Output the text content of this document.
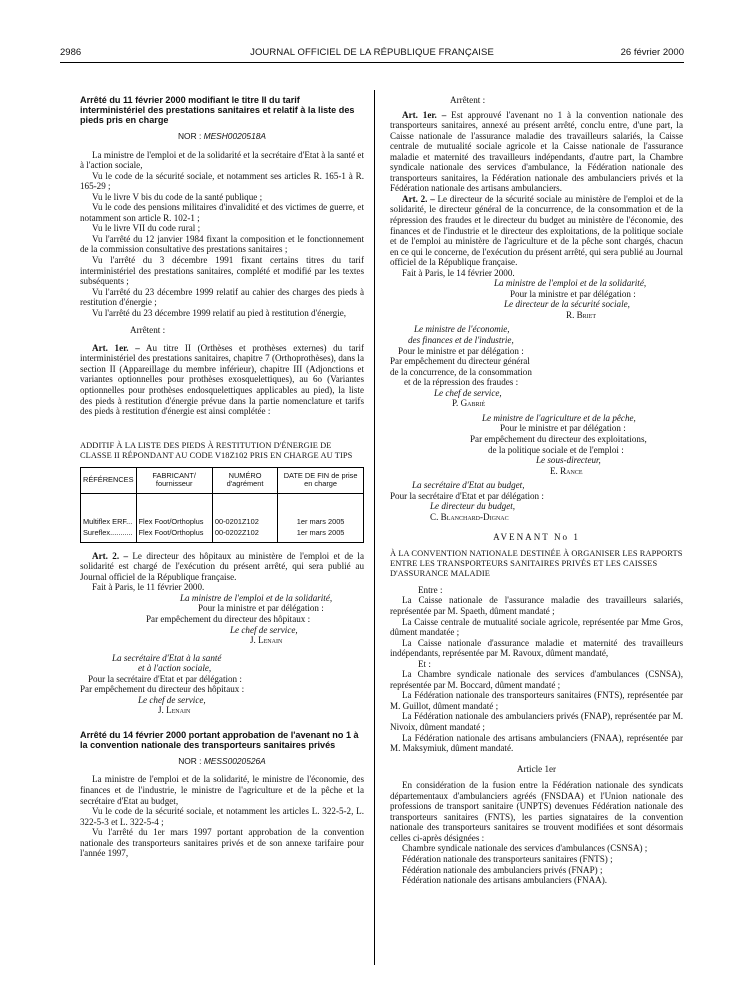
2986	JOURNAL OFFICIEL DE LA RÉPUBLIQUE FRANÇAISE	26 février 2000

Arrêté du 11 février 2000 modifiant le titre II du tarif interministériel des prestations sanitaires et relatif à la liste des pieds pris en charge

NOR : MESH0020518A

La ministre de l'emploi et de la solidarité et la secrétaire d'Etat à la santé et à l'action sociale,

Vu le code de la sécurité sociale, et notamment ses articles R. 165-1 à R. 165-29 ;

Vu le livre V bis du code de la santé publique ;

Vu le code des pensions militaires d'invalidité et des victimes de guerre, et notamment son article R. 102-1 ;

Vu le livre VII du code rural ;

Vu l'arrêté du 12 janvier 1984 fixant la composition et le fonctionnement de la commission consultative des prestations sanitaires ;

Vu l'arrêté du 3 décembre 1991 fixant certains titres du tarif interministériel des prestations sanitaires, complété et modifié par les textes subséquents ;

Vu l'arrêté du 23 décembre 1999 relatif au cahier des charges des pieds à restitution d'énergie ;

Vu l'arrêté du 23 décembre 1999 relatif au pied à restitution d'énergie,

Arrêtent :

Art. 1er. – Au titre II (Orthèses et prothèses externes) du tarif interministériel des prestations sanitaires, chapitre 7 (Orthoprothèses), dans la section II (Appareillage du membre inférieur), chapitre III (Adjonctions et variantes optionnelles pour prothèses exosquelettiques), au 6o (Variantes optionnelles pour prothèses endosquelettiques applicables au pied), la liste des pieds à restitution d'énergie prévue dans la partie nomenclature et tarifs des pieds à restitution d'énergie est ainsi complétée :

ADDITIF À LA LISTE DES PIEDS À RESTITUTION D'ÉNERGIE DE CLASSE II RÉPONDANT AU CODE V18Z102 PRIS EN CHARGE AU TIPS

RÉFÉRENCES	FABRICANT/ fournisseur	NUMÉRO d'agrément	DATE DE FIN de prise en charge

Multiflex ERF...	Flex Foot/Orthoplus	00-0201Z102	1er mars 2005
Sureflex...........	Flex Foot/Orthoplus	00-0202Z102	1er mars 2005

Art. 2. – Le directeur des hôpitaux au ministère de l'emploi et de la solidarité est chargé de l'exécution du présent arrêté, qui sera publié au Journal officiel de la République française.

Fait à Paris, le 11 février 2000.

La ministre de l'emploi et de la solidarité,

Pour la ministre et par délégation :

Par empêchement du directeur des hôpitaux :

Le chef de service,

J. Lenain

La secrétaire d'Etat à la santé

et à l'action sociale,

Pour la secrétaire d'Etat et par délégation :

Par empêchement du directeur des hôpitaux :

Le chef de service,

J. Lenain

Arrêté du 14 février 2000 portant approbation de l'avenant no 1 à la convention nationale des transporteurs sanitaires privés

NOR : MESS0020526A

La ministre de l'emploi et de la solidarité, le ministre de l'économie, des finances et de l'industrie, le ministre de l'agriculture et de la pêche et la secrétaire d'Etat au budget,

Vu le code de la sécurité sociale, et notamment les articles L. 322-5-2, L. 322-5-3 et L. 322-5-4 ;

Vu l'arrêté du 1er mars 1997 portant approbation de la convention nationale des transporteurs sanitaires privés et de son annexe tarifaire pour l'année 1997,

Arrêtent :

Art. 1er. – Est approuvé l'avenant no 1 à la convention nationale des transporteurs sanitaires, annexé au présent arrêté, conclu entre, d'une part, la Caisse nationale de l'assurance maladie des travailleurs salariés, la Caisse centrale de mutualité sociale agricole et la Caisse nationale de l'assurance maladie et maternité des travailleurs indépendants, d'autre part, la Chambre syndicale nationale des services d'ambulance, la Fédération nationale des transporteurs sanitaires, la Fédération nationale des ambulanciers privés et la Fédération nationale des artisans ambulanciers.

Art. 2. – Le directeur de la sécurité sociale au ministère de l'emploi et de la solidarité, le directeur général de la concurrence, de la consommation et de la répression des fraudes et le directeur du budget au ministère de l'économie, des finances et de l'industrie et le directeur des exploitations, de la politique sociale et de l'emploi au ministère de l'agriculture et de la pêche sont chargés, chacun en ce qui le concerne, de l'exécution du présent arrêté, qui sera publié au Journal officiel de la République française.

Fait à Paris, le 14 février 2000.

La ministre de l'emploi et de la solidarité,

Pour la ministre et par délégation :

Le directeur de la sécurité sociale,

R. Briet

Le ministre de l'économie,

des finances et de l'industrie,

Pour le ministre et par délégation :

Par empêchement du directeur général

de la concurrence, de la consommation

et de la répression des fraudes :

Le chef de service,

P. Gabrié

Le ministre de l'agriculture et de la pêche,

Pour le ministre et par délégation :

Par empêchement du directeur des exploitations,

de la politique sociale et de l'emploi :

Le sous-directeur,

E. Rance

La secrétaire d'Etat au budget,

Pour la secrétaire d'Etat et par délégation :

Le directeur du budget,

C. Blanchard-Dignac

AVENANT No 1

À LA CONVENTION NATIONALE DESTINÉE À ORGANISER LES RAPPORTS ENTRE LES TRANSPORTEURS SANITAIRES PRIVÉS ET LES CAISSES D'ASSURANCE MALADIE

Entre :

La Caisse nationale de l'assurance maladie des travailleurs salariés, représentée par M. Spaeth, dûment mandaté ;

La Caisse centrale de mutualité sociale agricole, représentée par Mme Gros, dûment mandatée ;

La Caisse nationale d'assurance maladie et maternité des travailleurs indépendants, représentée par M. Ravoux, dûment mandaté,

Et :

La Chambre syndicale nationale des services d'ambulances (CSNSA), représentée par M. Boccard, dûment mandaté ;

La Fédération nationale des transporteurs sanitaires (FNTS), représentée par M. Guillot, dûment mandaté ;

La Fédération nationale des ambulanciers privés (FNAP), représentée par M. Nivoix, dûment mandaté ;

La Fédération nationale des artisans ambulanciers (FNAA), représentée par M. Maksymiuk, dûment mandaté.

Article 1er

En considération de la fusion entre la Fédération nationale des syndicats départementaux d'ambulanciers agréés (FNSDAA) et l'Union nationale des professions de transport sanitaire (UNPTS) devenues Fédération nationale des transporteurs sanitaires (FNTS), les parties signataires de la convention nationale des transporteurs sanitaires se trouvent modifiées et sont désormais celles ci-après désignées :

Chambre syndicale nationale des services d'ambulances (CSNSA) ;

Fédération nationale des transporteurs sanitaires (FNTS) ;

Fédération nationale des ambulanciers privés (FNAP) ;

Fédération nationale des artisans ambulanciers (FNAA).
